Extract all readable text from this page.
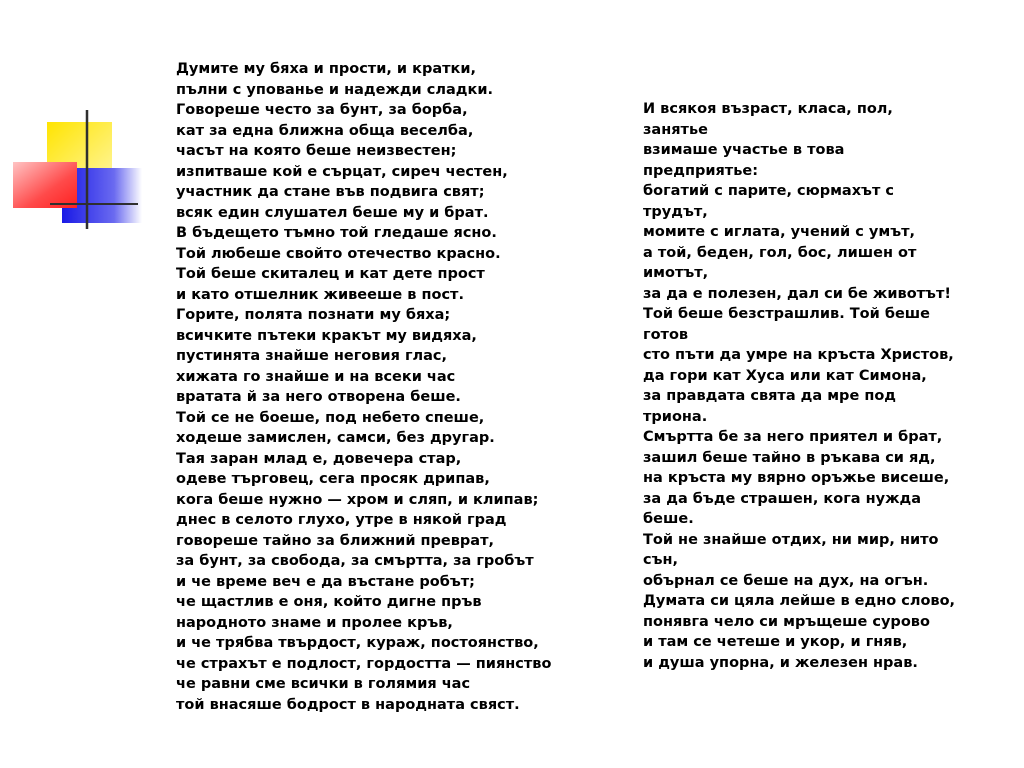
Думите му бяха и прости, и кратки,
пълни с упованье и надежди сладки.
Говореше често за бунт, за борба,
кат за една ближна обща веселба,
часът на която беше неизвестен;
изпитваше кой е сърцат, сиреч честен,
участник да стане във подвига свят;
всяк един слушател беше му и брат.
В бъдещето тъмно той гледаше ясно.
Той любеше свойто отечество красно.
Той беше скиталец и кат дете прост
и като отшелник живееше в пост.
Горите, полята познати му бяха;
всичките пътеки кракът му видяха,
пустинята знайше неговия глас,
хижата го знайше и на всеки час
вратата й за него отворена беше.
Той се не боеше, под небето спеше,
ходеше замислен, самси, без другар.
Тая заран млад е, довечера стар,
одеве търговец, сега просяк дрипав,
кога беше нужно — хром и сляп, и клипав;
днес в селото глухо, утре в някой град
говореше тайно за ближний преврат,
за бунт, за свобода, за смъртта, за гробът
и че време веч е да въстане робът;
че щастлив е оня, който дигне пръв
народното знаме и пролее кръв,
и че трябва твърдост, кураж, постоянство,
че страхът е подлост, гордостта — пиянство
че равни сме всички в голямия час
той внасяше бодрост в народната свяст.

И всякоя възраст, класа, пол,
занятье
взимаше участье в това
предприятье:
богатий с парите, сюрмахът с
трудът,
момите с иглата, учений с умът,
а той, беден, гол, бос, лишен от
имотът,
за да е полезен, дал си бе животът!
Той беше безстрашлив. Той беше
готов
сто пъти да умре на кръста Христов,
да гори кат Хуса или кат Симона,
за правдата свята да мре под
триона.
Смъртта бе за него приятел и брат,
зашил беше тайно в ръкава си яд,
на кръста му вярно оръжье висеше,
за да бъде страшен, кога нужда
беше.
Той не знайше отдих, ни мир, нито
сън,
обърнал се беше на дух, на огън.
Думата си цяла лейше в едно слово,
понявга чело си мръщеше сурово
и там се четеше и укор, и гняв,
и душа упорна, и железен нрав.
